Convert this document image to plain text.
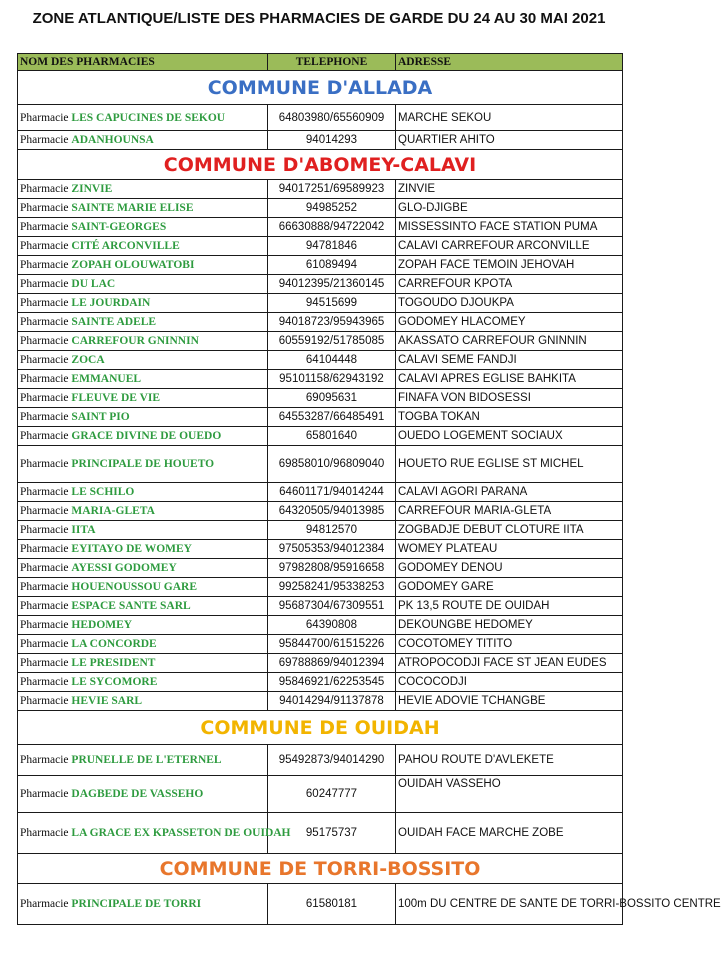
ZONE ATLANTIQUE/LISTE DES PHARMACIES DE GARDE DU 24 AU 30 MAI 2021
NOM DES PHARMACIES	TELEPHONE	ADRESSE
COMMUNE D'ALLADA		
Pharmacie LES CAPUCINES DE SEKOU	64803980/65560909	MARCHE SEKOU
Pharmacie ADANHOUNSA	94014293	QUARTIER AHITO
COMMUNE D'ABOMEY-CALAVI		
Pharmacie ZINVIE	94017251/69589923	ZINVIE
Pharmacie SAINTE MARIE ELISE	94985252	GLO-DJIGBE
Pharmacie SAINT-GEORGES	66630888/94722042	MISSESSINTO FACE STATION PUMA
Pharmacie CITÉ ARCONVILLE	94781846	CALAVI CARREFOUR ARCONVILLE
Pharmacie ZOPAH OLOUWATOBI	61089494	ZOPAH FACE TEMOIN JEHOVAH
Pharmacie DU LAC	94012395/21360145	CARREFOUR KPOTA
Pharmacie LE JOURDAIN	94515699	TOGOUDO DJOUKPA
Pharmacie SAINTE ADELE	94018723/95943965	GODOMEY HLACOMEY
Pharmacie CARREFOUR GNINNIN	60559192/51785085	AKASSATO CARREFOUR GNINNIN
Pharmacie ZOCA	64104448	CALAVI SEME FANDJI
Pharmacie EMMANUEL	95101158/62943192	CALAVI APRES EGLISE BAHKITA
Pharmacie FLEUVE DE VIE	69095631	FINAFA VON BIDOSESSI
Pharmacie SAINT PIO	64553287/66485491	TOGBA TOKAN
Pharmacie GRACE DIVINE DE OUEDO	65801640	OUEDO LOGEMENT SOCIAUX
Pharmacie PRINCIPALE DE HOUETO	69858010/96809040	HOUETO RUE EGLISE ST MICHEL
Pharmacie LE SCHILO	64601171/94014244	CALAVI AGORI PARANA
Pharmacie MARIA-GLETA	64320505/94013985	CARREFOUR MARIA-GLETA
Pharmacie IITA	94812570	ZOGBADJE DEBUT CLOTURE IITA
Pharmacie EYITAYO DE WOMEY	97505353/94012384	WOMEY PLATEAU
Pharmacie AYESSI GODOMEY	97982808/95916658	GODOMEY DENOU
Pharmacie HOUENOUSSOU GARE	99258241/95338253	GODOMEY GARE
Pharmacie ESPACE SANTE SARL	95687304/67309551	PK 13,5 ROUTE DE OUIDAH
Pharmacie HEDOMEY	64390808	DEKOUNGBE HEDOMEY
Pharmacie LA CONCORDE	95844700/61515226	COCOTOMEY TITITO
Pharmacie LE PRESIDENT	69788869/94012394	ATROPOCODJI FACE ST JEAN EUDES
Pharmacie LE SYCOMORE	95846921/62253545	COCOCODJI
Pharmacie HEVIE SARL	94014294/91137878	HEVIE ADOVIE TCHANGBE
COMMUNE DE OUIDAH		
Pharmacie PRUNELLE DE L'ETERNEL	95492873/94014290	PAHOU ROUTE D'AVLEKETE
Pharmacie DAGBEDE DE VASSEHO	60247777	OUIDAH VASSEHO
Pharmacie LA GRACE EX KPASSETON DE OUIDAH	95175737	OUIDAH FACE MARCHE ZOBE
COMMUNE DE TORRI-BOSSITO		
Pharmacie PRINCIPALE DE TORRI	61580181	100m DU CENTRE DE SANTE DE TORRI-BOSSITO CENTRE
